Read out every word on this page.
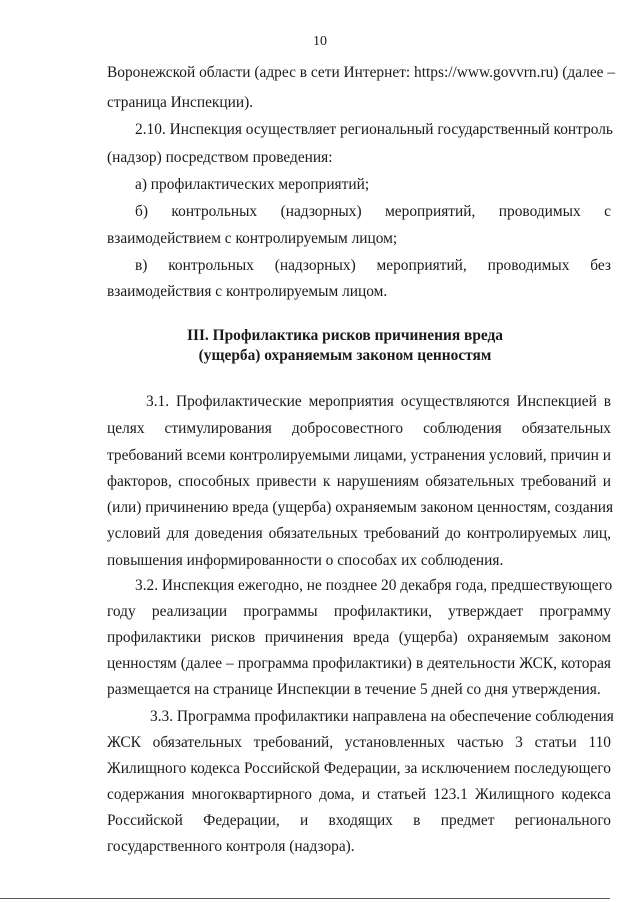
10
Воронежской области (адрес в сети Интернет: https://www.govvrn.ru) (далее –
страница Инспекции).
2.10. Инспекция осуществляет региональный государственный контроль
(надзор) посредством проведения:
а) профилактических мероприятий;
б) контрольных (надзорных) мероприятий, проводимых с
взаимодействием с контролируемым лицом;
в) контрольных (надзорных) мероприятий, проводимых без
взаимодействия с контролируемым лицом.
III. Профилактика рисков причинения вреда
(ущерба) охраняемым законом ценностям
3.1. Профилактические мероприятия осуществляются Инспекцией в
целях стимулирования добросовестного соблюдения обязательных
требований всеми контролируемыми лицами, устранения условий, причин и
факторов, способных привести к нарушениям обязательных требований и
(или) причинению вреда (ущерба) охраняемым законом ценностям, создания
условий для доведения обязательных требований до контролируемых лиц,
повышения информированности о способах их соблюдения.
3.2. Инспекция ежегодно, не позднее 20 декабря года, предшествующего
году реализации программы профилактики, утверждает программу
профилактики рисков причинения вреда (ущерба) охраняемым законом
ценностям (далее – программа профилактики) в деятельности ЖСК, которая
размещается на странице Инспекции в течение 5 дней со дня утверждения.
3.3. Программа профилактики направлена на обеспечение соблюдения
ЖСК обязательных требований, установленных частью 3 статьи 110
Жилищного кодекса Российской Федерации, за исключением последующего
содержания многоквартирного дома, и статьей 123.1 Жилищного кодекса
Российской Федерации, и входящих в предмет регионального
государственного контроля (надзора).
